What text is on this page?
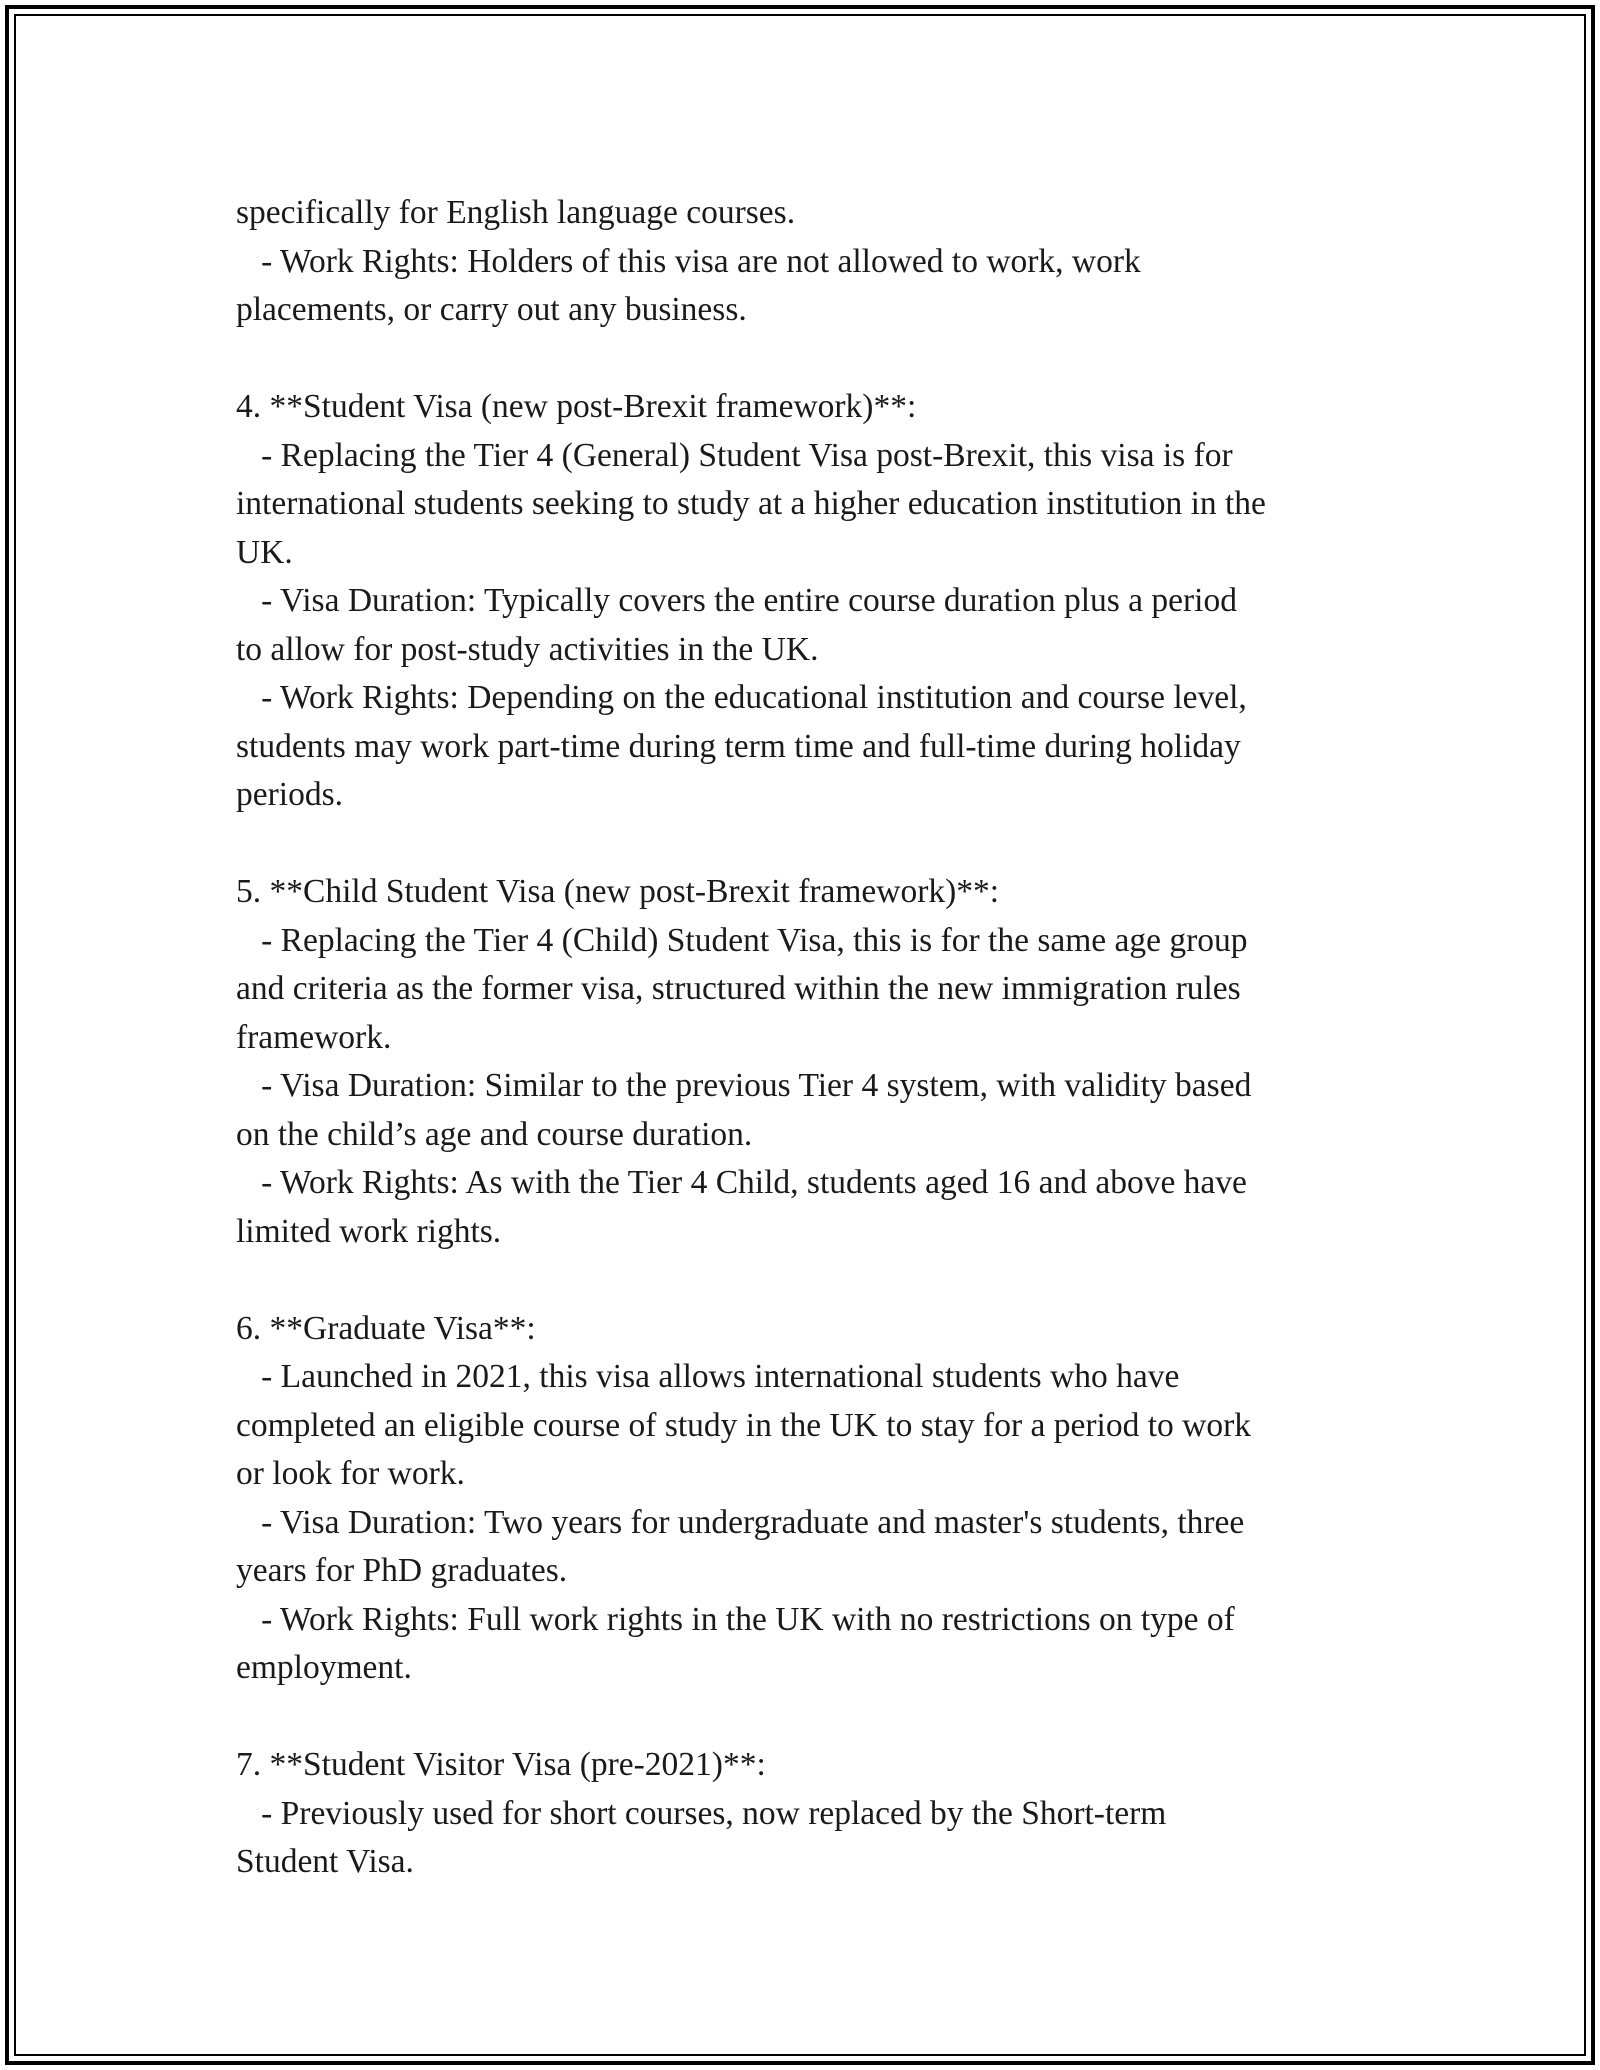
specifically for English language courses.
- Work Rights: Holders of this visa are not allowed to work, work
placements, or carry out any business.
4. **Student Visa (new post-Brexit framework)**:
- Replacing the Tier 4 (General) Student Visa post-Brexit, this visa is for
international students seeking to study at a higher education institution in the
UK.
- Visa Duration: Typically covers the entire course duration plus a period
to allow for post-study activities in the UK.
- Work Rights: Depending on the educational institution and course level,
students may work part-time during term time and full-time during holiday
periods.
5. **Child Student Visa (new post-Brexit framework)**:
- Replacing the Tier 4 (Child) Student Visa, this is for the same age group
and criteria as the former visa, structured within the new immigration rules
framework.
- Visa Duration: Similar to the previous Tier 4 system, with validity based
on the child’s age and course duration.
- Work Rights: As with the Tier 4 Child, students aged 16 and above have
limited work rights.
6. **Graduate Visa**:
- Launched in 2021, this visa allows international students who have
completed an eligible course of study in the UK to stay for a period to work
or look for work.
- Visa Duration: Two years for undergraduate and master's students, three
years for PhD graduates.
- Work Rights: Full work rights in the UK with no restrictions on type of
employment.
7. **Student Visitor Visa (pre-2021)**:
- Previously used for short courses, now replaced by the Short-term
Student Visa.
